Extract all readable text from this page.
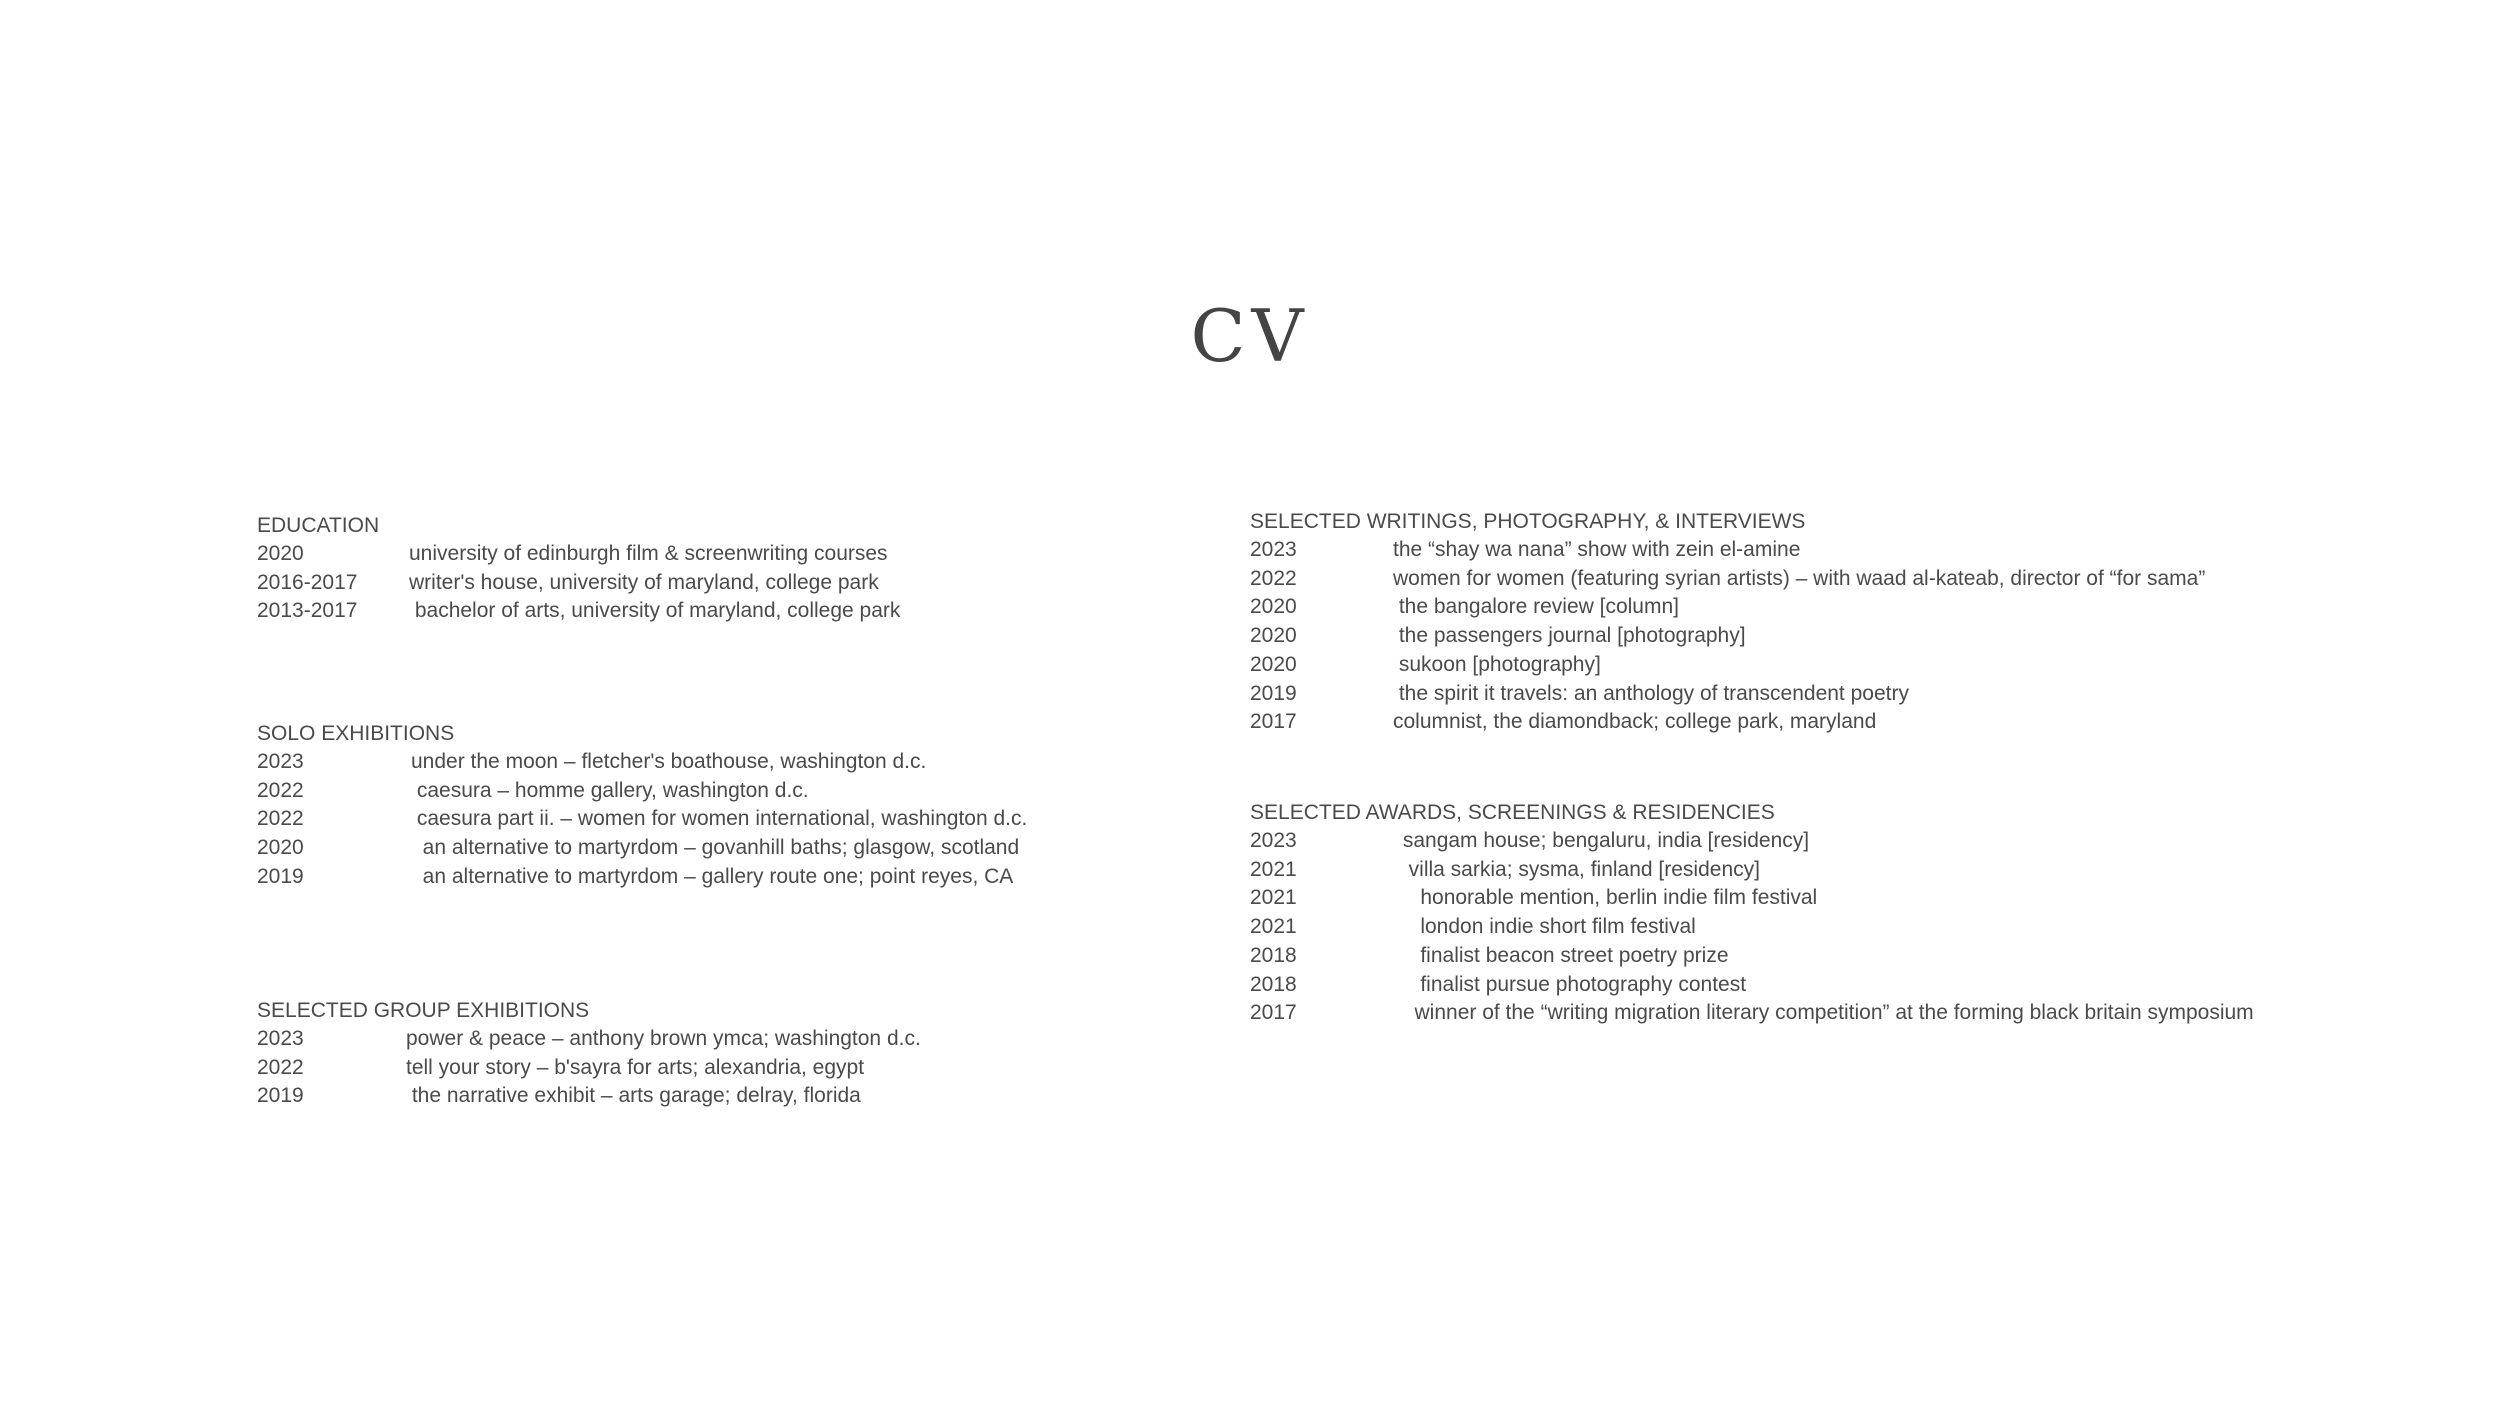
CV
EDUCATION
2020	university of edinburgh film & screenwriting courses
2016-2017	writer's house, university of maryland, college park
2013-2017	bachelor of arts, university of maryland, college park
SOLO EXHIBITIONS
2023	under the moon – fletcher's boathouse, washington d.c.
2022	caesura – homme gallery, washington d.c.
2022	caesura part ii. – women for women international, washington d.c.
2020	an alternative to martyrdom – govanhill baths; glasgow, scotland
2019	an alternative to martyrdom – gallery route one; point reyes, CA
SELECTED GROUP EXHIBITIONS
2023	power & peace – anthony brown ymca; washington d.c.
2022	tell your story – b'sayra for arts; alexandria, egypt
2019	the narrative exhibit – arts garage; delray, florida
SELECTED WRITINGS, PHOTOGRAPHY, & INTERVIEWS
2023	the “shay wa nana” show with zein el-amine
2022	women for women (featuring syrian artists) – with waad al-kateab, director of “for sama”
2020	the bangalore review [column]
2020	the passengers journal [photography]
2020	sukoon [photography]
2019	the spirit it travels: an anthology of transcendent poetry
2017	columnist, the diamondback; college park, maryland
SELECTED AWARDS, SCREENINGS & RESIDENCIES
2023	sangam house; bengaluru, india [residency]
2021	villa sarkia; sysma, finland [residency]
2021	honorable mention, berlin indie film festival
2021	london indie short film festival
2018	finalist beacon street poetry prize
2018	finalist pursue photography contest
2017	winner of the “writing migration literary competition” at the forming black britain symposium
